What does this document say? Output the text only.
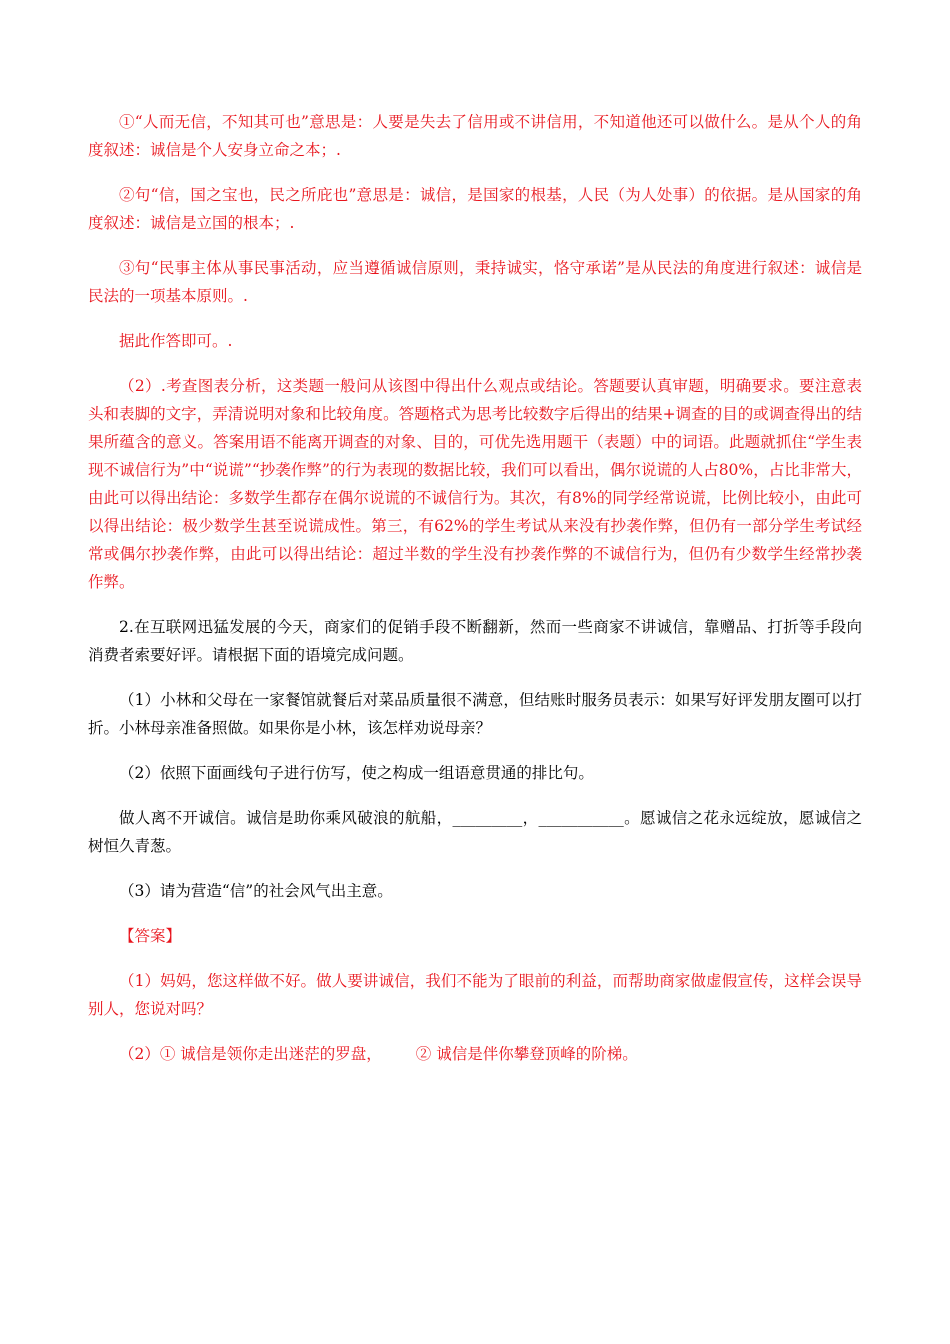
①“人而无信，不知其可也”意思是：人要是失去了信用或不讲信用，不知道他还可以做什么。是从个人的角度叙述：诚信是个人安身立命之本；.

②句“信，国之宝也，民之所庇也”意思是：诚信，是国家的根基，人民（为人处事）的依据。是从国家的角度叙述：诚信是立国的根本；.

③句“民事主体从事民事活动，应当遵循诚信原则，秉持诚实，恪守承诺”是从民法的角度进行叙述：诚信是民法的一项基本原则。.

据此作答即可。.

（2）.考查图表分析，这类题一般问从该图中得出什么观点或结论。答题要认真审题，明确要求。要注意表头和表脚的文字，弄清说明对象和比较角度。答题格式为思考比较数字后得出的结果+调查的目的或调查得出的结果所蕴含的意义。答案用语不能离开调查的对象、目的，可优先选用题干（表题）中的词语。此题就抓住“学生表现不诚信行为”中“说谎”“抄袭作弊”的行为表现的数据比较，我们可以看出，偶尔说谎的人占80%，占比非常大，由此可以得出结论：多数学生都存在偶尔说谎的不诚信行为。其次，有8%的同学经常说谎，比例比较小，由此可以得出结论：极少数学生甚至说谎成性。第三，有62%的学生考试从来没有抄袭作弊，但仍有一部分学生考试经常或偶尔抄袭作弊，由此可以得出结论：超过半数的学生没有抄袭作弊的不诚信行为，但仍有少数学生经常抄袭作弊。

2.在互联网迅猛发展的今天，商家们的促销手段不断翻新，然而一些商家不讲诚信，靠赠品、打折等手段向消费者索要好评。请根据下面的语境完成问题。

（1）小林和父母在一家餐馆就餐后对菜品质量很不满意，但结账时服务员表示：如果写好评发朋友圈可以打折。小林母亲准备照做。如果你是小林，该怎样劝说母亲？

（2）依照下面画线句子进行仿写，使之构成一组语意贯通的排比句。

做人离不开诚信。诚信是助你乘风破浪的航船，_________，___________。愿诚信之花永远绽放，愿诚信之树恒久青葱。

（3）请为营造“信”的社会风气出主意。

【答案】

（1）妈妈，您这样做不好。做人要讲诚信，我们不能为了眼前的利益，而帮助商家做虚假宣传，这样会误导别人，您说对吗？

（2）① 诚信是领你走出迷茫的罗盘， ② 诚信是伴你攀登顶峰的阶梯。
